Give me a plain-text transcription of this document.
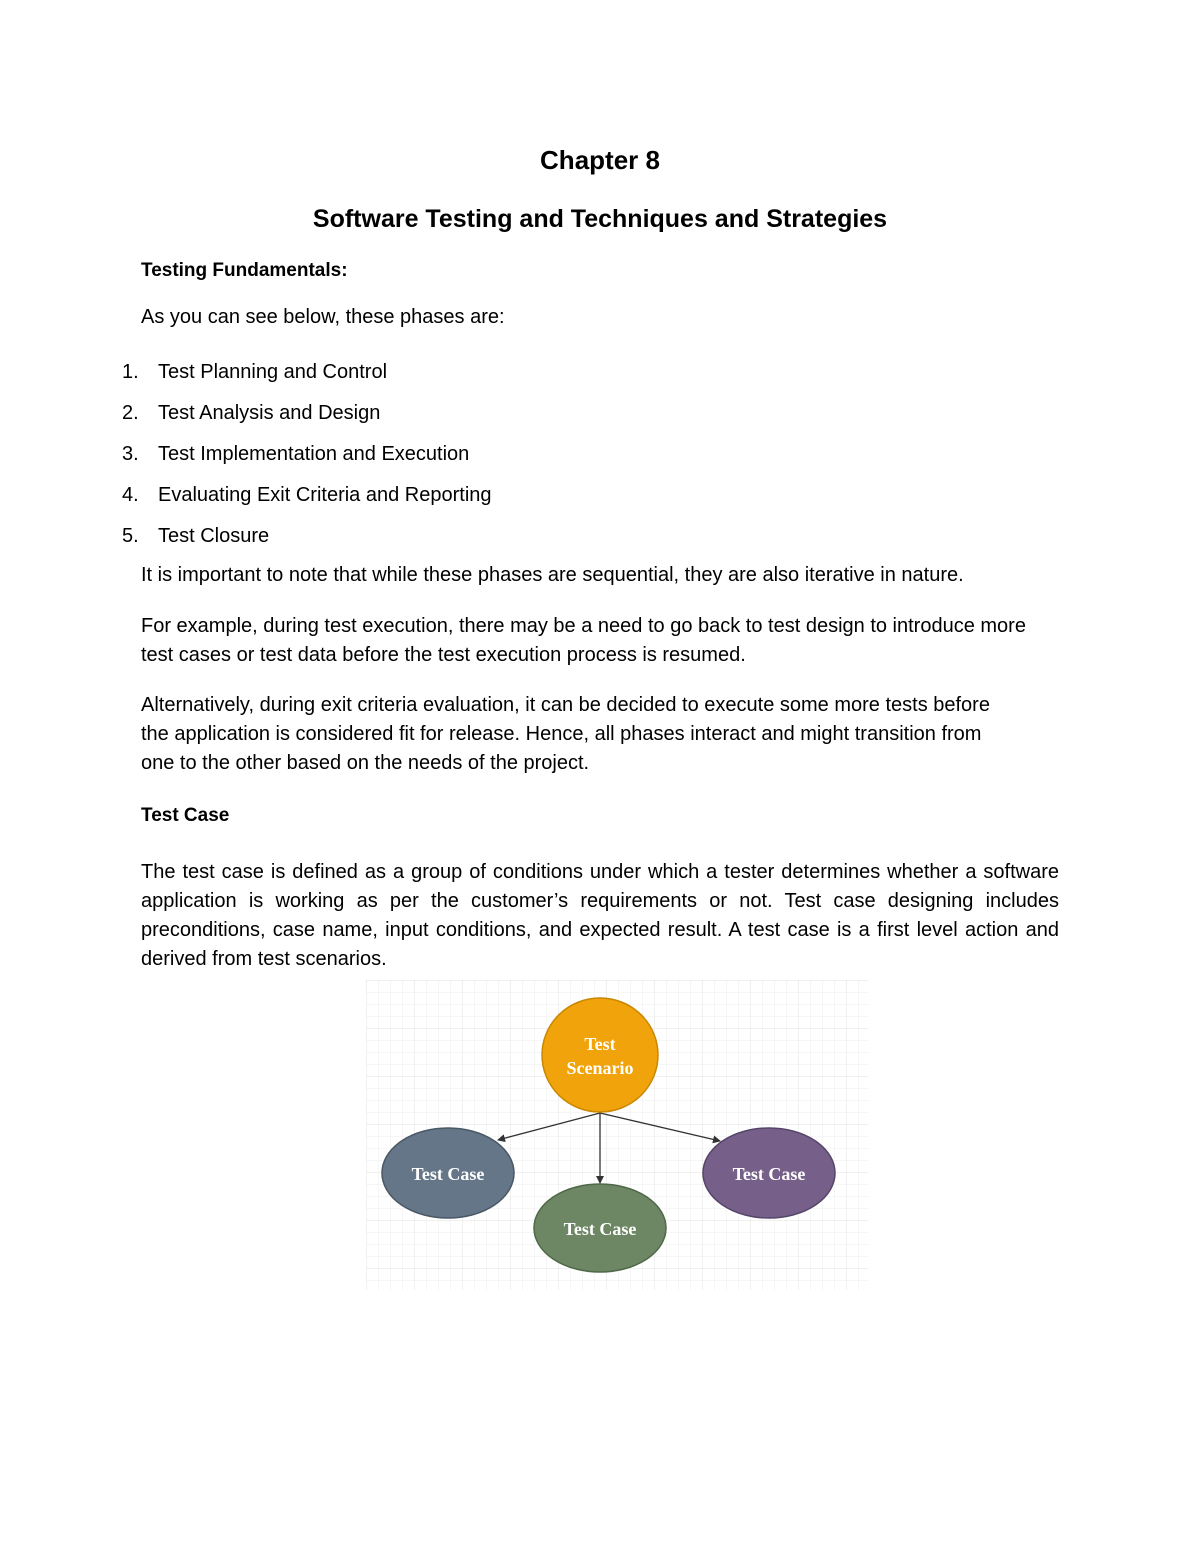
Chapter 8
Software Testing and Techniques and Strategies
Testing Fundamentals:
As you can see below, these phases are:
1. Test Planning and Control
2. Test Analysis and Design
3. Test Implementation and Execution
4. Evaluating Exit Criteria and Reporting
5. Test Closure
It is important to note that while these phases are sequential, they are also iterative in nature.
For example, during test execution, there may be a need to go back to test design to introduce more test cases or test data before the test execution process is resumed.
Alternatively, during exit criteria evaluation, it can be decided to execute some more tests before the application is considered fit for release. Hence, all phases interact and might transition from one to the other based on the needs of the project.
Test Case
The test case is defined as a group of conditions under which a tester determines whether a software application is working as per the customer’s requirements or not. Test case designing includes preconditions, case name, input conditions, and expected result. A test case is a first level action and derived from test scenarios.
Test
Scenario
Test Case
Test Case
Test Case
